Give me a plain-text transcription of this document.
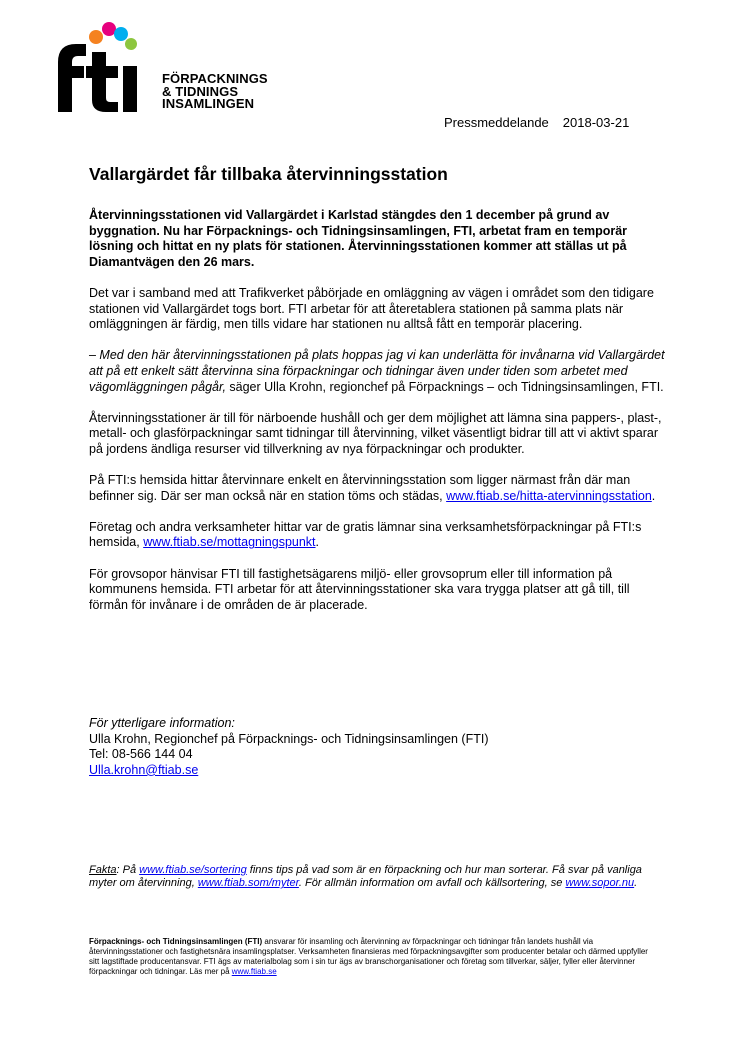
FÖRPACKNINGS
& TIDNINGS
INSAMLINGEN
Pressmeddelande 2018-03-21
Vallargärdet får tillbaka återvinningsstation

Återvinningsstationen vid Vallargärdet i Karlstad stängdes den 1 december på grund av byggnation. Nu har Förpacknings- och Tidningsinsamlingen, FTI, arbetat fram en temporär lösning och hittat en ny plats för stationen. Återvinningsstationen kommer att ställas ut på Diamantvägen den 26 mars.

Det var i samband med att Trafikverket påbörjade en omläggning av vägen i området som den tidigare stationen vid Vallargärdet togs bort. FTI arbetar för att återetablera stationen på samma plats när omläggningen är färdig, men tills vidare har stationen nu alltså fått en temporär placering.

– Med den här återvinningsstationen på plats hoppas jag vi kan underlätta för invånarna vid Vallargärdet att på ett enkelt sätt återvinna sina förpackningar och tidningar även under tiden som arbetet med vägomläggningen pågår, säger Ulla Krohn, regionchef på Förpacknings – och Tidningsinsamlingen, FTI.

Återvinningsstationer är till för närboende hushåll och ger dem möjlighet att lämna sina pappers-, plast-, metall- och glasförpackningar samt tidningar till återvinning, vilket väsentligt bidrar till att vi aktivt sparar på jordens ändliga resurser vid tillverkning av nya förpackningar och produkter.

På FTI:s hemsida hittar återvinnare enkelt en återvinningsstation som ligger närmast från där man befinner sig. Där ser man också när en station töms och städas, www.ftiab.se/hitta-atervinningsstation.

Företag och andra verksamheter hittar var de gratis lämnar sina verksamhetsförpackningar på FTI:s hemsida, www.ftiab.se/mottagningspunkt.

För grovsopor hänvisar FTI till fastighetsägarens miljö- eller grovsoprum eller till information på kommunens hemsida. FTI arbetar för att återvinningsstationer ska vara trygga platser att gå till, till förmån för invånare i de områden de är placerade.

För ytterligare information:
Ulla Krohn, Regionchef på Förpacknings- och Tidningsinsamlingen (FTI)
Tel: 08-566 144 04
Ulla.krohn@ftiab.se
Fakta: På www.ftiab.se/sortering finns tips på vad som är en förpackning och hur man sorterar. Få svar på vanliga myter om återvinning, www.ftiab.som/myter. För allmän information om avfall och källsortering, se www.sopor.nu.
Förpacknings- och Tidningsinsamlingen (FTI) ansvarar för insamling och återvinning av förpackningar och tidningar från landets hushåll via återvinningsstationer och fastighetsnära insamlingsplatser. Verksamheten finansieras med förpackningsavgifter som producenter betalar och därmed uppfyller sitt lagstiftade producentansvar. FTI ägs av materialbolag som i sin tur ägs av branschorganisationer och företag som tillverkar, säljer, fyller eller återvinner förpackningar och tidningar. Läs mer på www.ftiab.se
